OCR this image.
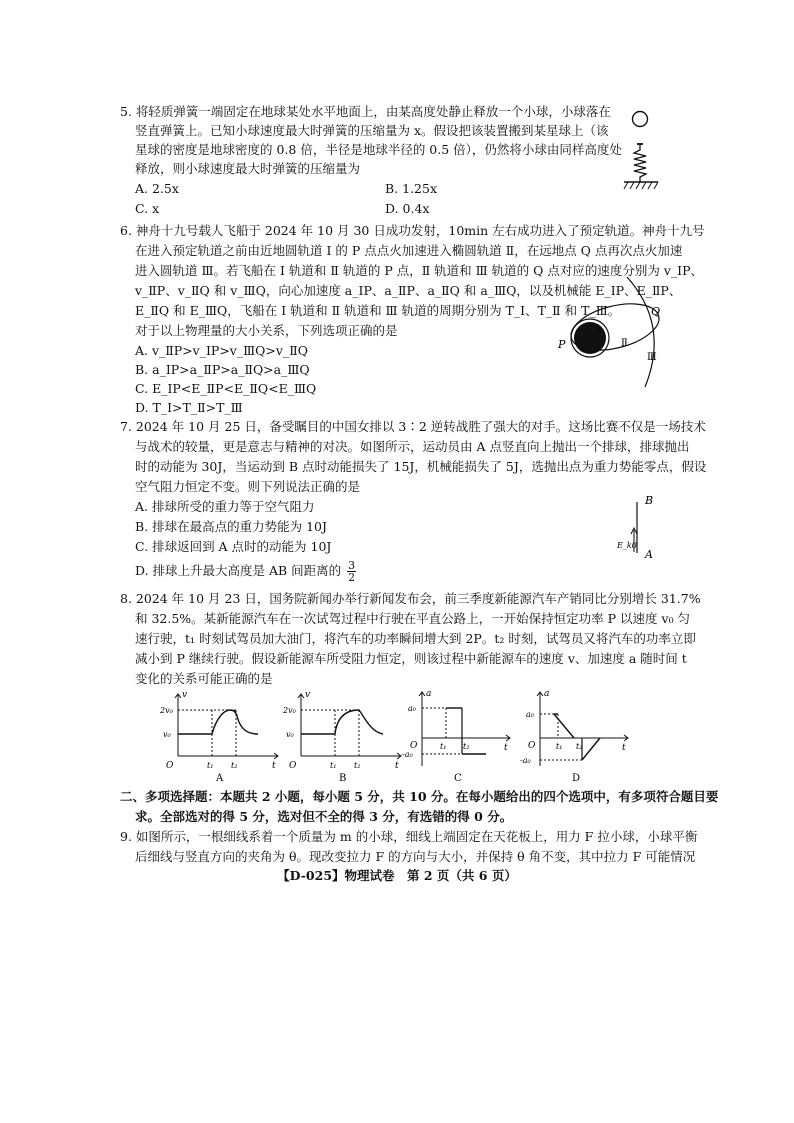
5. 将轻质弹簧一端固定在地球某处水平地面上，由某高度处静止释放一个小球，小球落在
竖直弹簧上。已知小球速度最大时弹簧的压缩量为 x。假设把该装置搬到某星球上（该
星球的密度是地球密度的 0.8 倍，半径是地球半径的 0.5 倍），仍然将小球由同样高度处
释放，则小球速度最大时弹簧的压缩量为
A. 2.5x	B. 1.25x
C. x	D. 0.4x
6. 神舟十九号载人飞船于 2024 年 10 月 30 日成功发射，10min 左右成功进入了预定轨道。神舟十九号
在进入预定轨道之前由近地圆轨道 Ⅰ 的 P 点点火加速进入椭圆轨道 Ⅱ，在远地点 Q 点再次点火加速
进入圆轨道 Ⅲ。若飞船在 Ⅰ 轨道和 Ⅱ 轨道的 P 点，Ⅱ 轨道和 Ⅲ 轨道的 Q 点对应的速度分别为 v_ⅠP、
v_ⅡP、v_ⅡQ 和 v_ⅢQ，向心加速度 a_ⅠP、a_ⅡP、a_ⅡQ 和 a_ⅢQ，以及机械能 E_ⅠP、E_ⅡP、
E_ⅡQ 和 E_ⅢQ，飞船在 Ⅰ 轨道和 Ⅱ 轨道和 Ⅲ 轨道的周期分别为 T_Ⅰ、T_Ⅱ 和 T_Ⅲ。
对于以上物理量的大小关系，下列选项正确的是
A. v_ⅡP>v_ⅠP>v_ⅢQ>v_ⅡQ
B. a_ⅠP>a_ⅡP>a_ⅡQ>a_ⅢQ
C. E_ⅠP<E_ⅡP<E_ⅡQ<E_ⅢQ
D. T_Ⅰ>T_Ⅱ>T_Ⅲ
P
Q
Ⅰ
Ⅱ
Ⅲ
7. 2024 年 10 月 25 日，备受瞩目的中国女排以 3∶2 逆转战胜了强大的对手。这场比赛不仅是一场技术
与战术的较量，更是意志与精神的对决。如图所示，运动员由 A 点竖直向上抛出一个排球，排球抛出
时的动能为 30J，当运动到 B 点时动能损失了 15J，机械能损失了 5J，选抛出点为重力势能零点，假设
空气阻力恒定不变。则下列说法正确的是
A. 排球所受的重力等于空气阻力
B. 排球在最高点的重力势能为 10J
C. 排球返回到 A 点时的动能为 10J
D. 排球上升最大高度是 AB 间距离的 $\frac{3}{2}$
B
A
E_k0
8. 2024 年 10 月 23 日，国务院新闻办举行新闻发布会，前三季度新能源汽车产销同比分别增长 31.7%
和 32.5%。某新能源汽车在一次试驾过程中行驶在平直公路上，一开始保持恒定功率 P 以速度 v₀ 匀
速行驶，t₁ 时刻试驾员加大油门，将汽车的功率瞬间增大到 2P。t₂ 时刻，试驾员又将汽车的功率立即
减小到 P 继续行驶。假设新能源车所受阻力恒定，则该过程中新能源车的速度 v、加速度 a 随时间 t
变化的关系可能正确的是
v
t
O	t₁ t₂
2v₀
v₀
A
v
t
O	t₁ t₂
2v₀
v₀
B
a
t
O	t₁ t₂
a₀
-a₀
C
a
t
O	t₁ t₂
a₀
-a₀
D
二、多项选择题：本题共 2 小题，每小题 5 分，共 10 分。在每小题给出的四个选项中，有多项符合题目要
求。全部选对的得 5 分，选对但不全的得 3 分，有选错的得 0 分。
9. 如图所示，一根细线系着一个质量为 m 的小球，细线上端固定在天花板上，用力 F 拉小球，小球平衡
后细线与竖直方向的夹角为 θ。现改变拉力 F 的方向与大小，并保持 θ 角不变，其中拉力 F 可能情况
【D-025】物理试卷　第 2 页（共 6 页）
